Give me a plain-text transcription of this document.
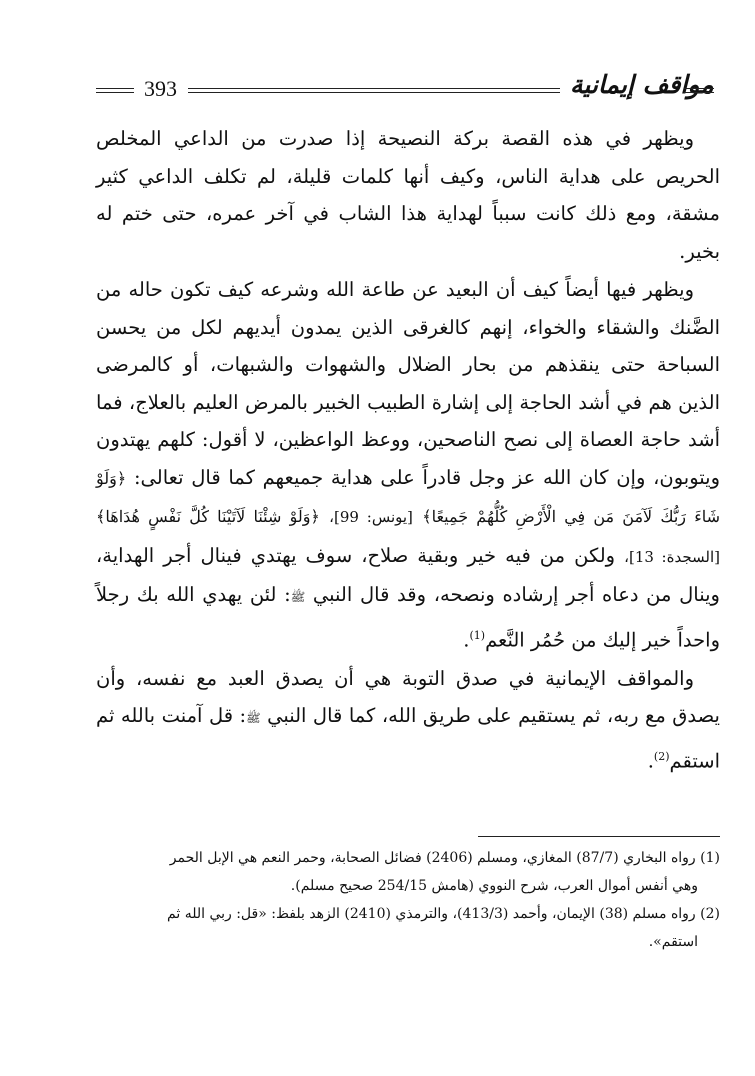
393	مواقف إيمانية

ويظهر في هذه القصة بركة النصيحة إذا صدرت من الداعي المخلص الحريص على هداية الناس، وكيف أنها كلمات قليلة، لم تكلف الداعي كثير مشقة، ومع ذلك كانت سبباً لهداية هذا الشاب في آخر عمره، حتى ختم له بخير.

ويظهر فيها أيضاً كيف أن البعيد عن طاعة الله وشرعه كيف تكون حاله من الضَّنك والشقاء والخواء، إنهم كالغرقى الذين يمدون أيديهم لكل من يحسن السباحة حتى ينقذهم من بحار الضلال والشهوات والشبهات، أو كالمرضى الذين هم في أشد الحاجة إلى إشارة الطبيب الخبير بالمرض العليم بالعلاج، فما أشد حاجة العصاة إلى نصح الناصحين، ووعظ الواعظين، لا أقول: كلهم يهتدون ويتوبون، وإن كان الله عز وجل قادراً على هداية جميعهم كما قال تعالى: ﴿وَلَوْ شَاءَ رَبُّكَ لَآمَنَ مَن فِي الْأَرْضِ كُلُّهُمْ جَمِيعًا﴾ [يونس: 99]، ﴿وَلَوْ شِئْنَا لَآتَيْنَا كُلَّ نَفْسٍ هُدَاهَا﴾ [السجدة: 13]، ولكن من فيه خير وبقية صلاح، سوف يهتدي فينال أجر الهداية، وينال من دعاه أجر إرشاده ونصحه، وقد قال النبي ﷺ: لئن يهدي الله بك رجلاً واحداً خير إليك من حُمُر النَّعم$^{(1)}$.

والمواقف الإيمانية في صدق التوبة هي أن يصدق العبد مع نفسه، وأن يصدق مع ربه، ثم يستقيم على طريق الله، كما قال النبي ﷺ: قل آمنت بالله ثم استقم$^{(2)}$.

(1) رواه البخاري (87/7) المغازي، ومسلم (2406) فضائل الصحابة، وحمر النعم هي الإبل الحمر

وهي أنفس أموال العرب، شرح النووي (هامش 254/15 صحيح مسلم).

(2) رواه مسلم (38) الإيمان، وأحمد (413/3)، والترمذي (2410) الزهد بلفظ: «قل: ربي الله ثم

استقم».
